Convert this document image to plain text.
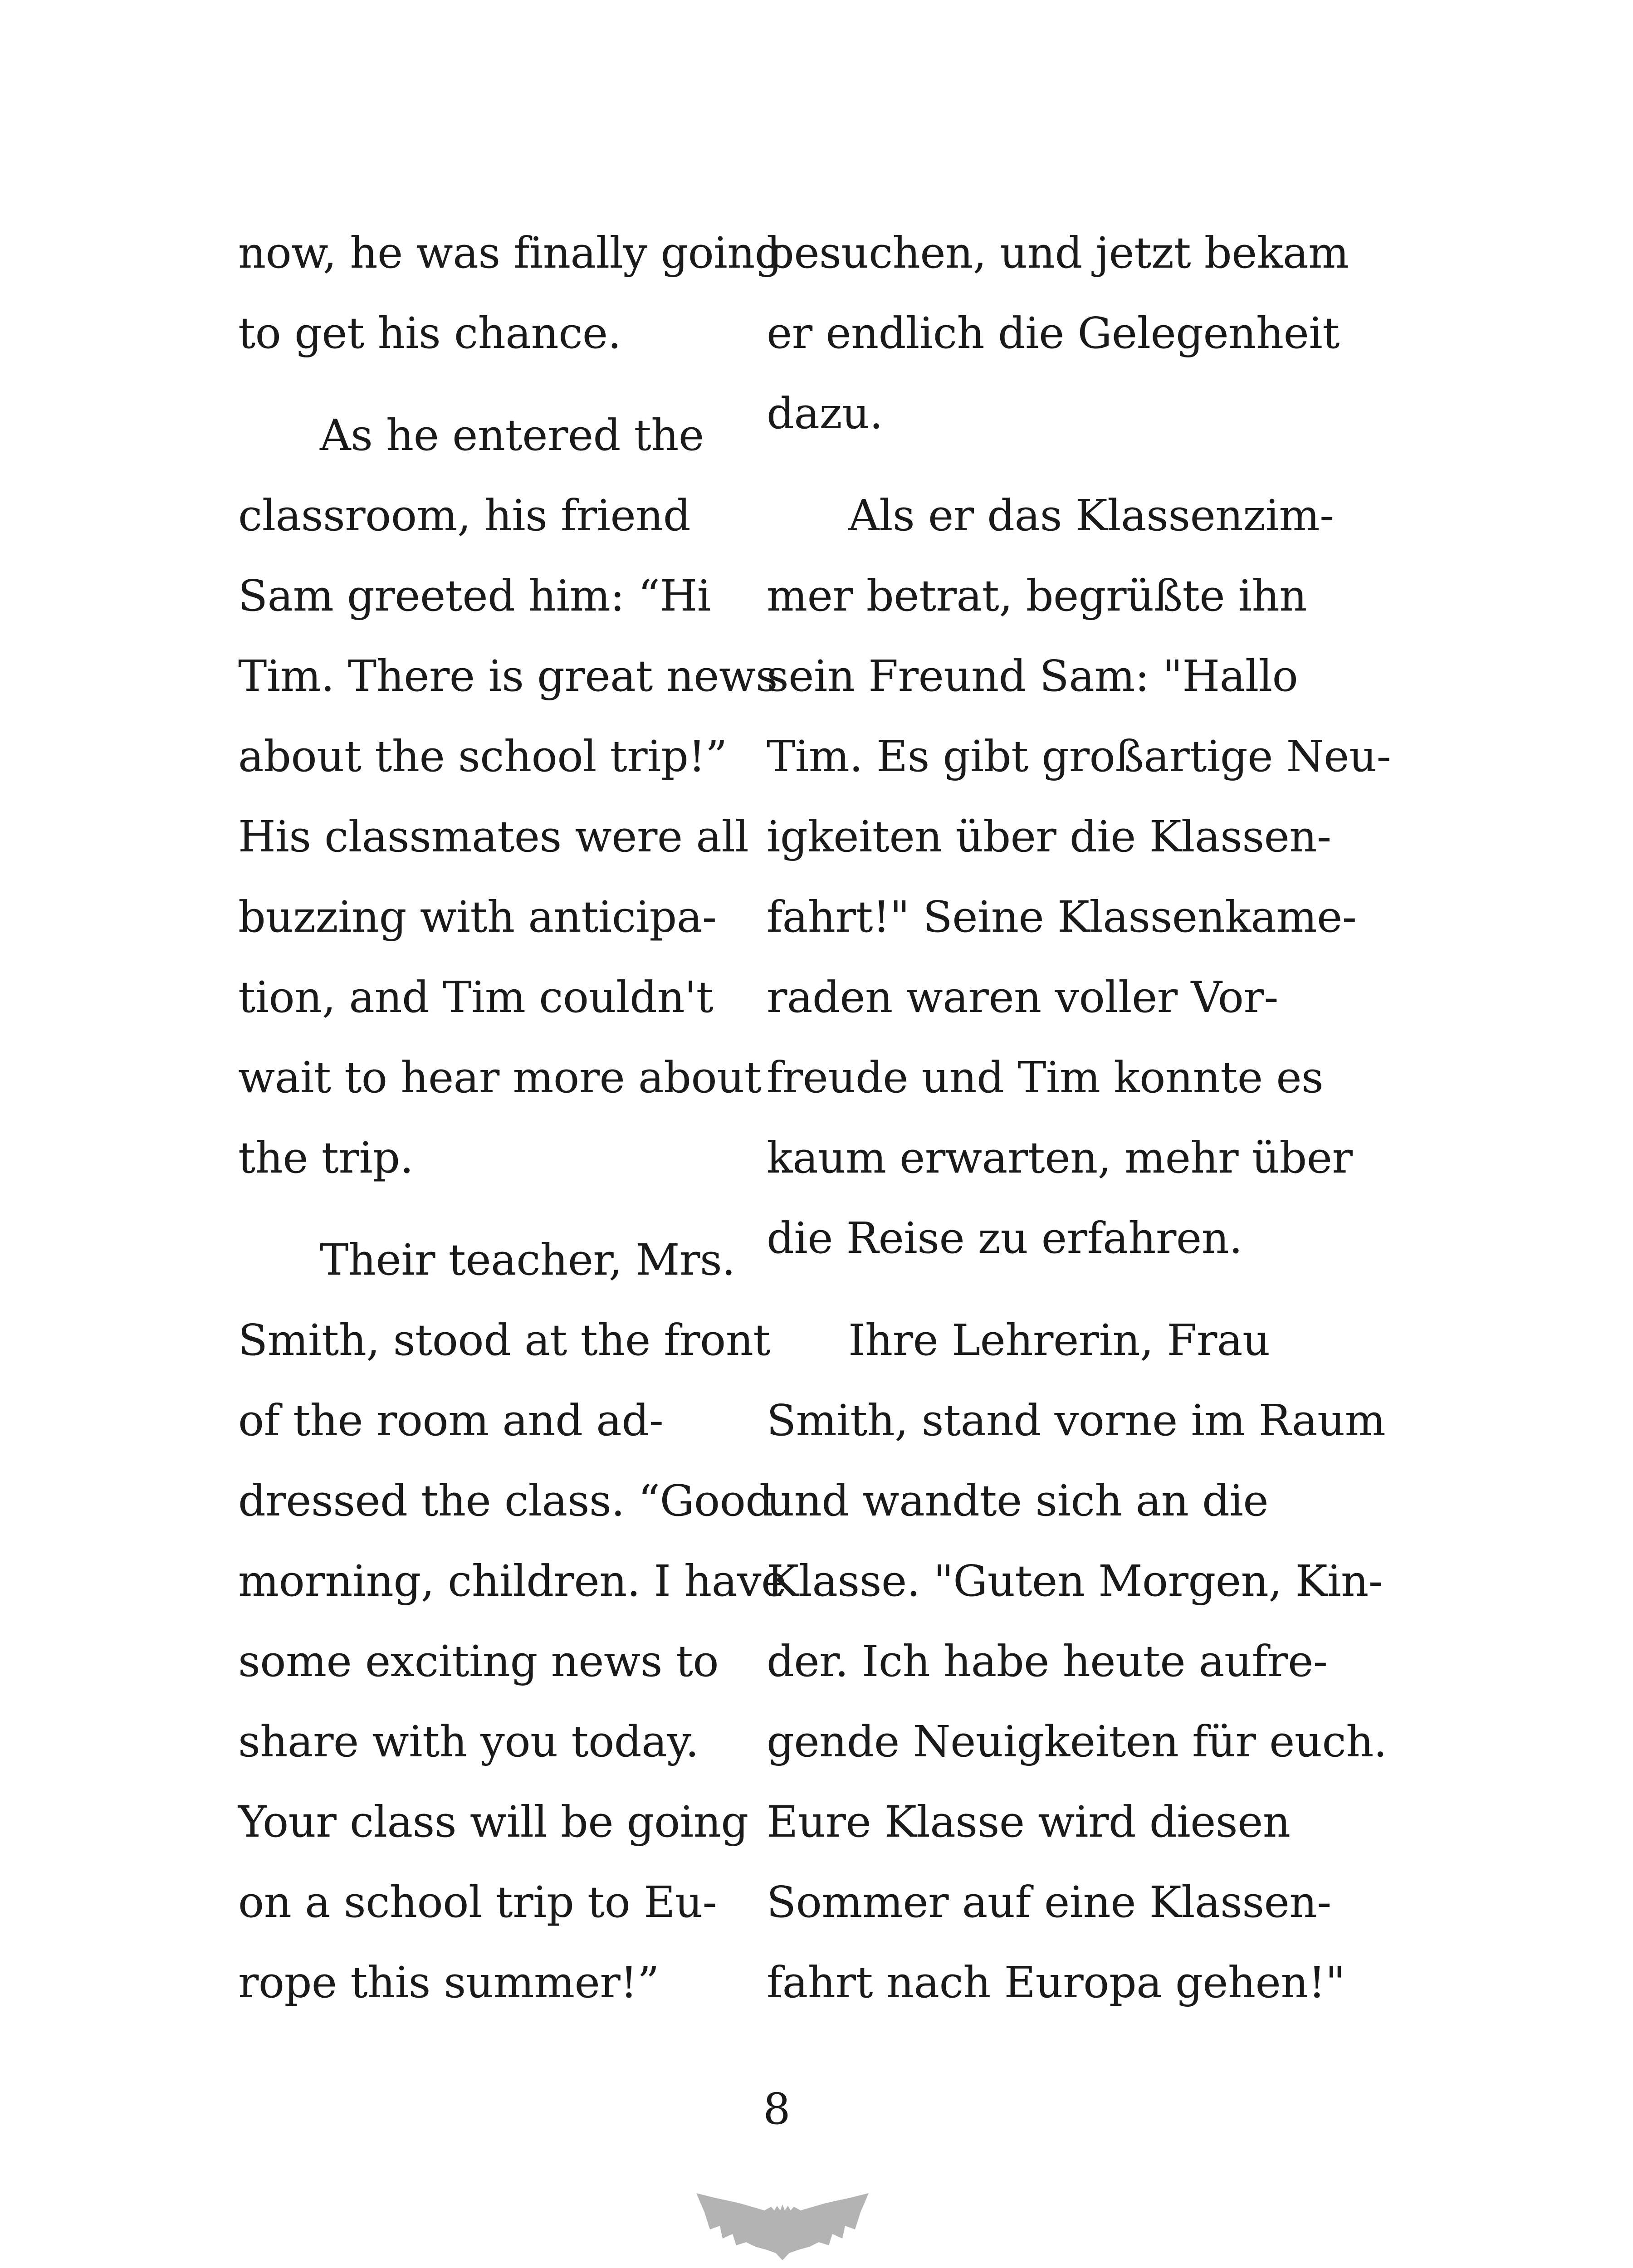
now, he was finally going
to get his chance.

As he entered the
classroom, his friend
Sam greeted him: “Hi
Tim. There is great news
about the school trip!”
His classmates were all
buzzing with anticipa-
tion, and Tim couldn't
wait to hear more about
the trip.

Their teacher, Mrs.
Smith, stood at the front
of the room and ad-
dressed the class. “Good
morning, children. I have
some exciting news to
share with you today.
Your class will be going
on a school trip to Eu-
rope this summer!”

besuchen, und jetzt bekam
er endlich die Gelegenheit
dazu.

Als er das Klassenzim-
mer betrat, begrüßte ihn
sein Freund Sam: "Hallo
Tim. Es gibt großartige Neu-
igkeiten über die Klassen-
fahrt!" Seine Klassenkame-
raden waren voller Vor-
freude und Tim konnte es
kaum erwarten, mehr über
die Reise zu erfahren.

Ihre Lehrerin, Frau
Smith, stand vorne im Raum
und wandte sich an die
Klasse. "Guten Morgen, Kin-
der. Ich habe heute aufre-
gende Neuigkeiten für euch.
Eure Klasse wird diesen
Sommer auf eine Klassen-
fahrt nach Europa gehen!"

8
